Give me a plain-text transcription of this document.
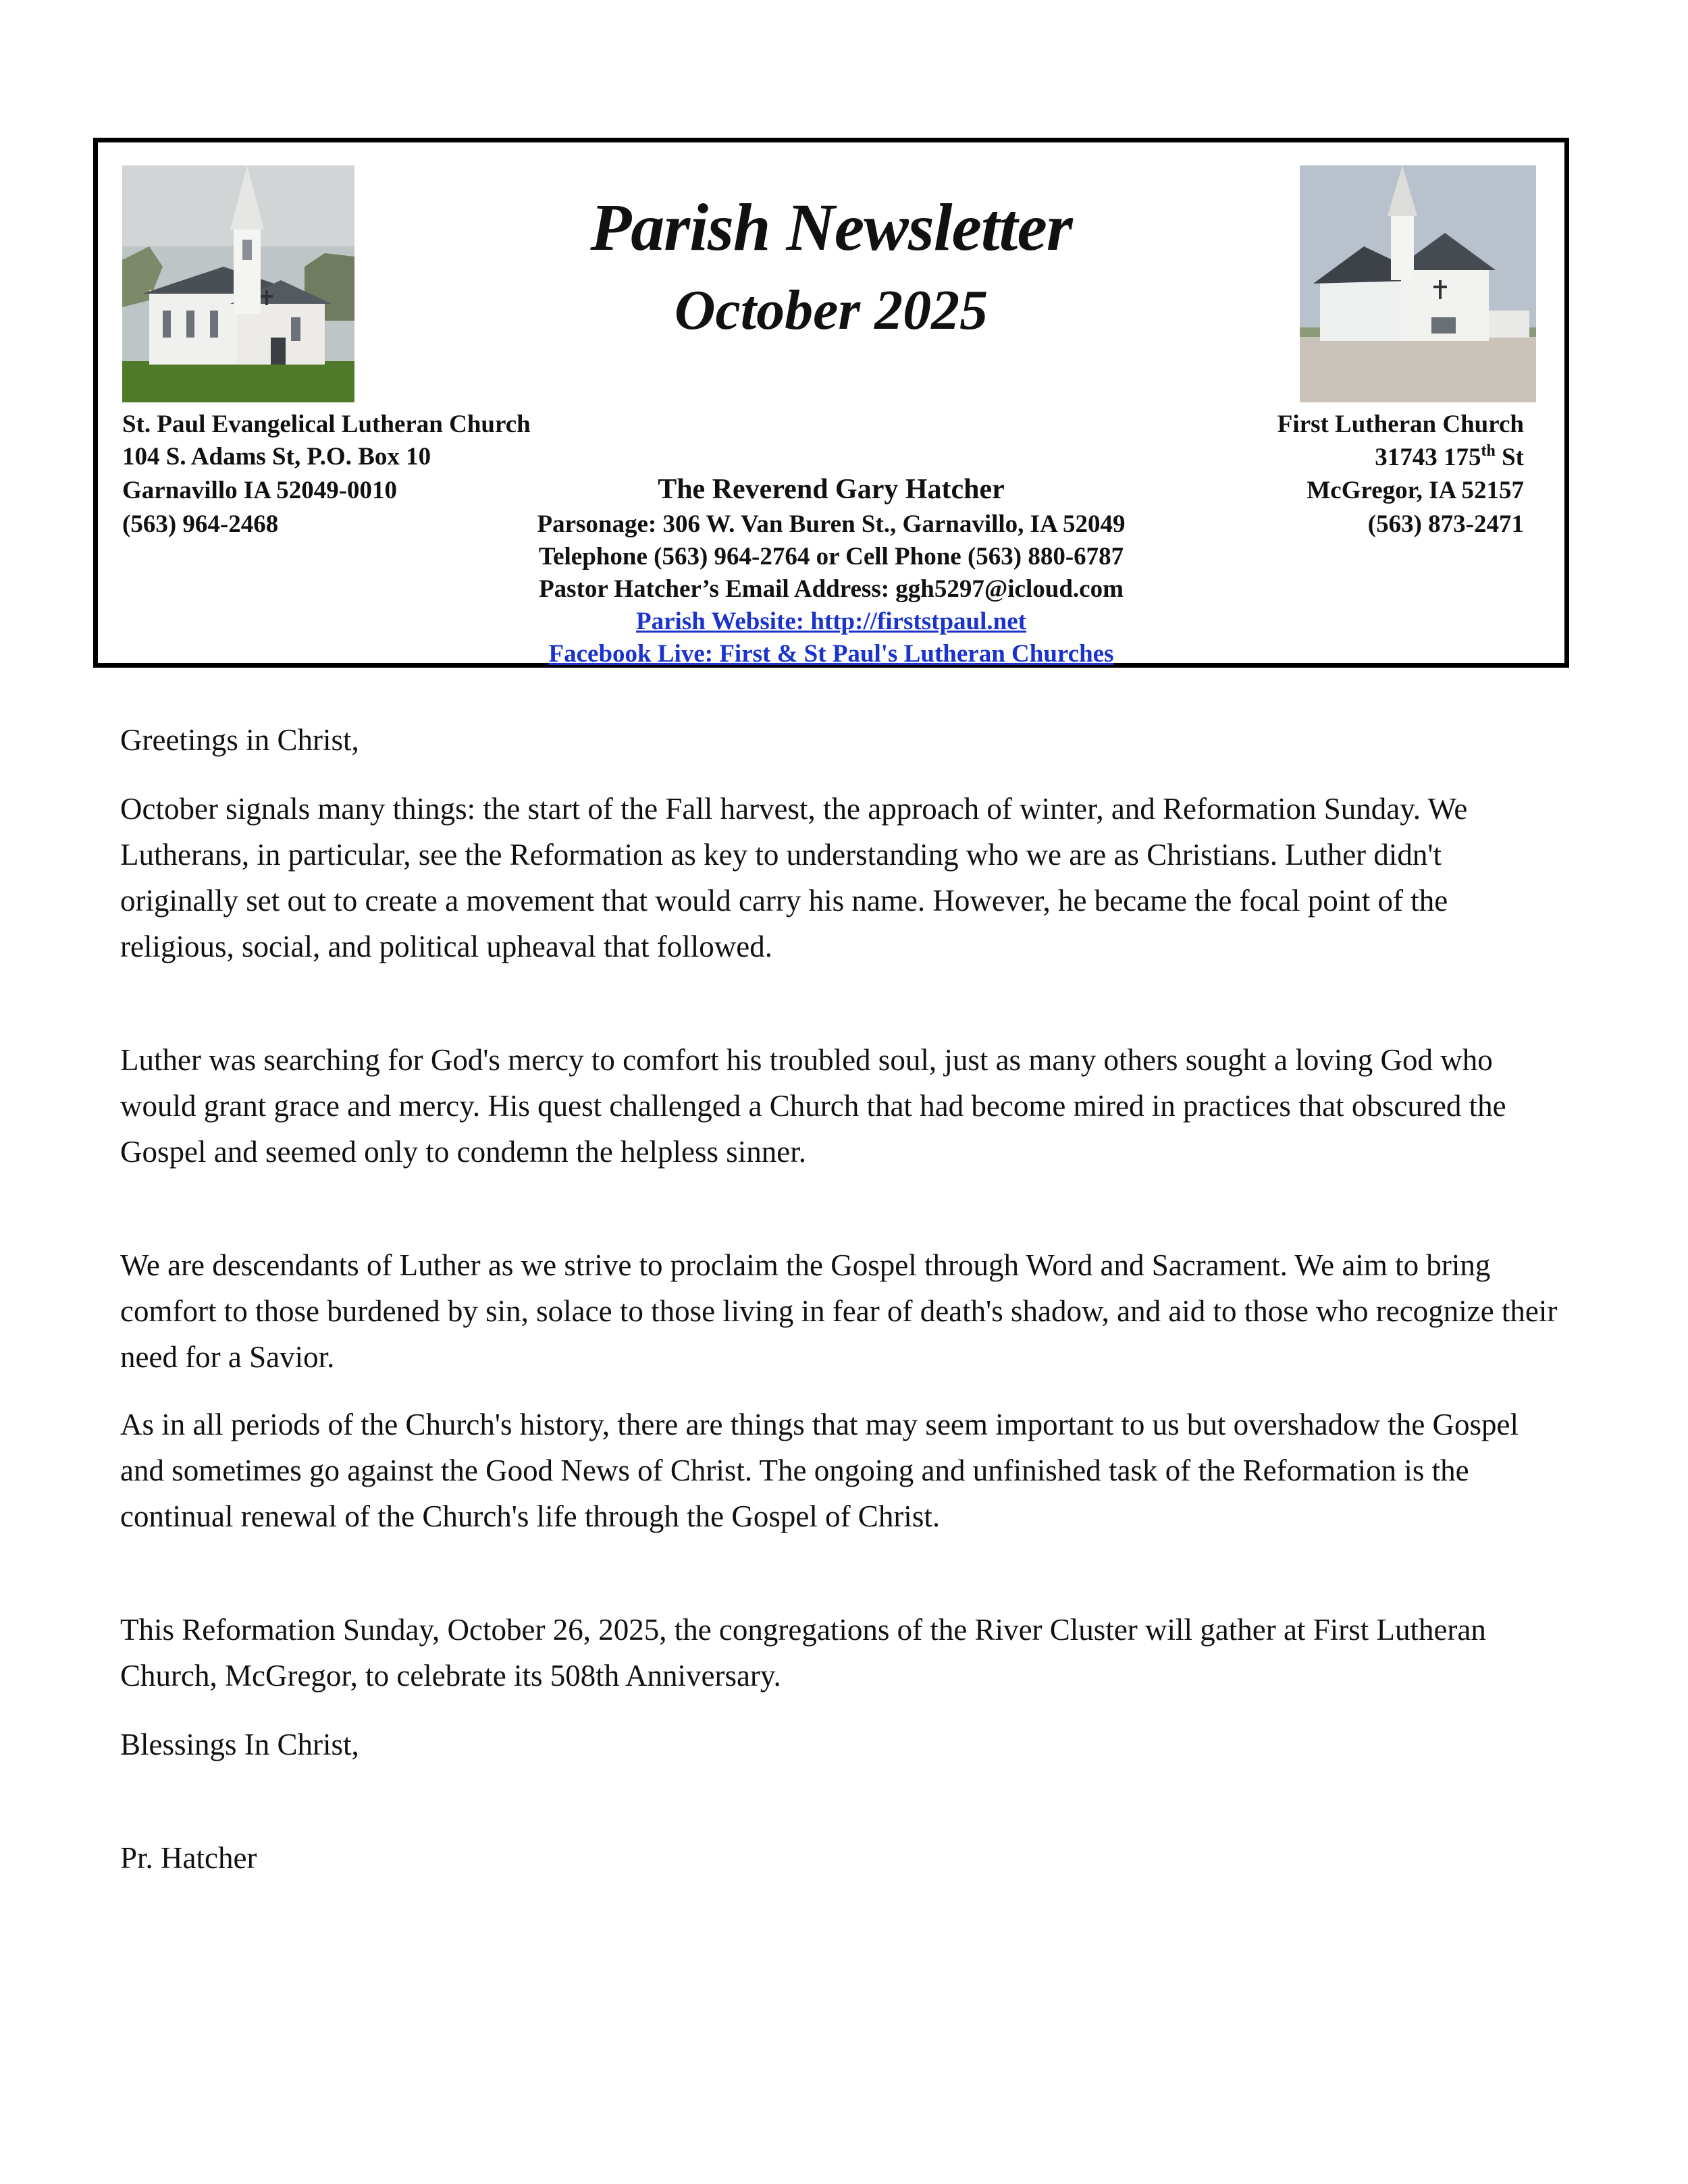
Parish Newsletter
October 2025
St. Paul Evangelical Lutheran Church
104 S. Adams St, P.O. Box 10
Garnavillo IA 52049-0010
(563) 964-2468
First Lutheran Church
31743 175th St
McGregor, IA 52157
(563) 873-2471
The Reverend Gary Hatcher
Parsonage: 306 W. Van Buren St., Garnavillo, IA 52049
Telephone (563) 964-2764 or Cell Phone (563) 880-6787
Pastor Hatcher’s Email Address: ggh5297@icloud.com
Parish Website: http://firststpaul.net
Facebook Live: First & St Paul's Lutheran Churches

Greetings in Christ,

October signals many things: the start of the Fall harvest, the approach of winter, and Reformation Sunday. We Lutherans, in particular, see the Reformation as key to understanding who we are as Christians. Luther didn't originally set out to create a movement that would carry his name. However, he became the focal point of the religious, social, and political upheaval that followed.

Luther was searching for God's mercy to comfort his troubled soul, just as many others sought a loving God who would grant grace and mercy. His quest challenged a Church that had become mired in practices that obscured the Gospel and seemed only to condemn the helpless sinner.

We are descendants of Luther as we strive to proclaim the Gospel through Word and Sacrament. We aim to bring comfort to those burdened by sin, solace to those living in fear of death's shadow, and aid to those who recognize their need for a Savior.

As in all periods of the Church's history, there are things that may seem important to us but overshadow the Gospel and sometimes go against the Good News of Christ. The ongoing and unfinished task of the Reformation is the continual renewal of the Church's life through the Gospel of Christ.

This Reformation Sunday, October 26, 2025, the congregations of the River Cluster will gather at First Lutheran Church, McGregor, to celebrate its 508th Anniversary.

Blessings In Christ,

Pr. Hatcher
